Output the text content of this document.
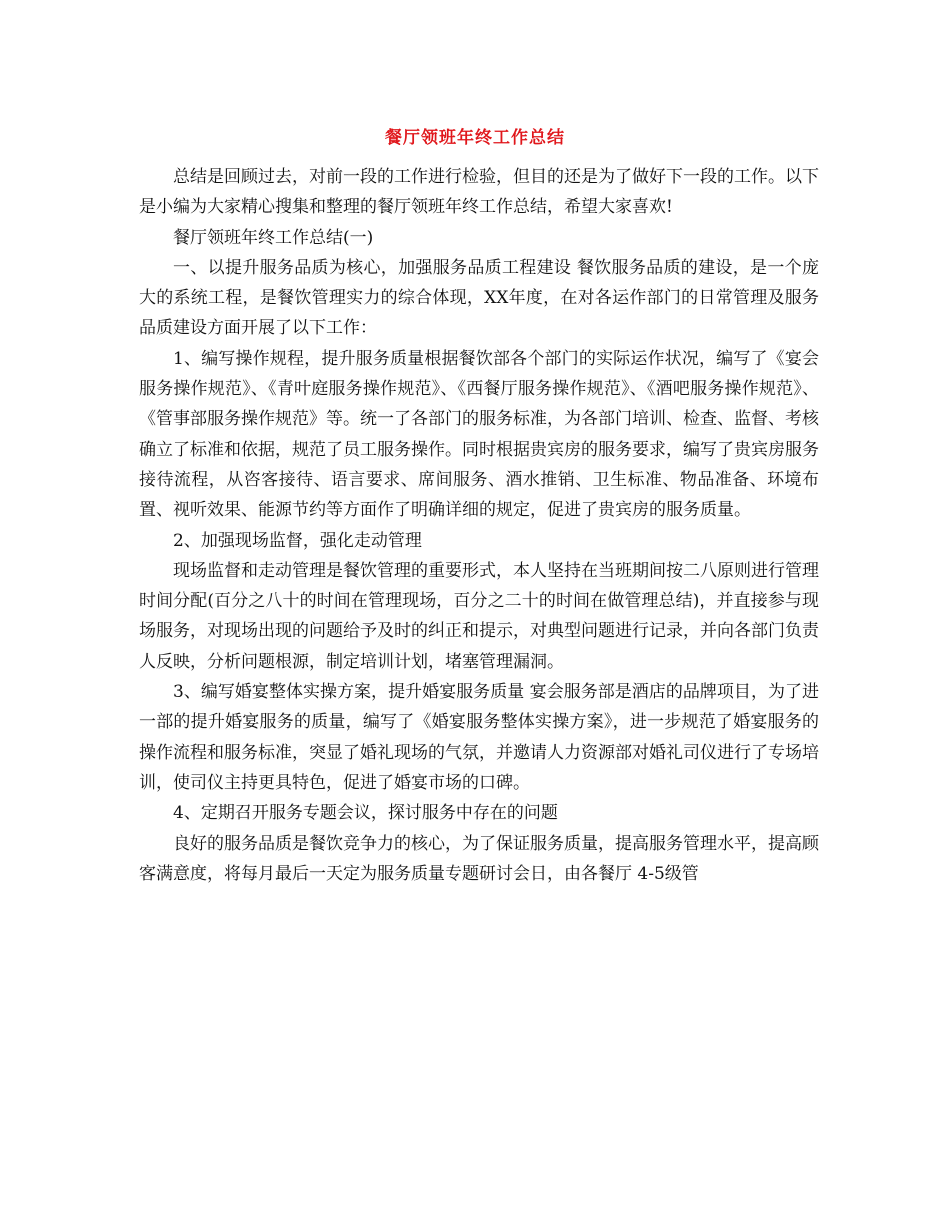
餐厅领班年终工作总结

总结是回顾过去，对前一段的工作进行检验，但目的还是为了做好下一段的工作。以下是小编为大家精心搜集和整理的餐厅领班年终工作总结，希望大家喜欢!

餐厅领班年终工作总结(一)

一、以提升服务品质为核心，加强服务品质工程建设 餐饮服务品质的建设，是一个庞大的系统工程，是餐饮管理实力的综合体现，XX年度，在对各运作部门的日常管理及服务品质建设方面开展了以下工作：

1、编写操作规程，提升服务质量根据餐饮部各个部门的实际运作状况，编写了《宴会服务操作规范》、《青叶庭服务操作规范》、《西餐厅服务操作规范》、《酒吧服务操作规范》、《管事部服务操作规范》等。统一了各部门的服务标准，为各部门培训、检查、监督、考核确立了标准和依据，规范了员工服务操作。同时根据贵宾房的服务要求，编写了贵宾房服务接待流程，从咨客接待、语言要求、席间服务、酒水推销、卫生标准、物品准备、环境布置、视听效果、能源节约等方面作了明确详细的规定，促进了贵宾房的服务质量。

2、加强现场监督，强化走动管理

现场监督和走动管理是餐饮管理的重要形式，本人坚持在当班期间按二八原则进行管理时间分配(百分之八十的时间在管理现场，百分之二十的时间在做管理总结)，并直接参与现场服务，对现场出现的问题给予及时的纠正和提示，对典型问题进行记录，并向各部门负责人反映，分析问题根源，制定培训计划，堵塞管理漏洞。

3、编写婚宴整体实操方案，提升婚宴服务质量 宴会服务部是酒店的品牌项目，为了进一部的提升婚宴服务的质量，编写了《婚宴服务整体实操方案》，进一步规范了婚宴服务的操作流程和服务标准，突显了婚礼现场的气氛，并邀请人力资源部对婚礼司仪进行了专场培训，使司仪主持更具特色，促进了婚宴市场的口碑。

4、定期召开服务专题会议，探讨服务中存在的问题

良好的服务品质是餐饮竞争力的核心，为了保证服务质量，提高服务管理水平，提高顾客满意度，将每月最后一天定为服务质量专题研讨会日，由各餐厅 4-5级管
